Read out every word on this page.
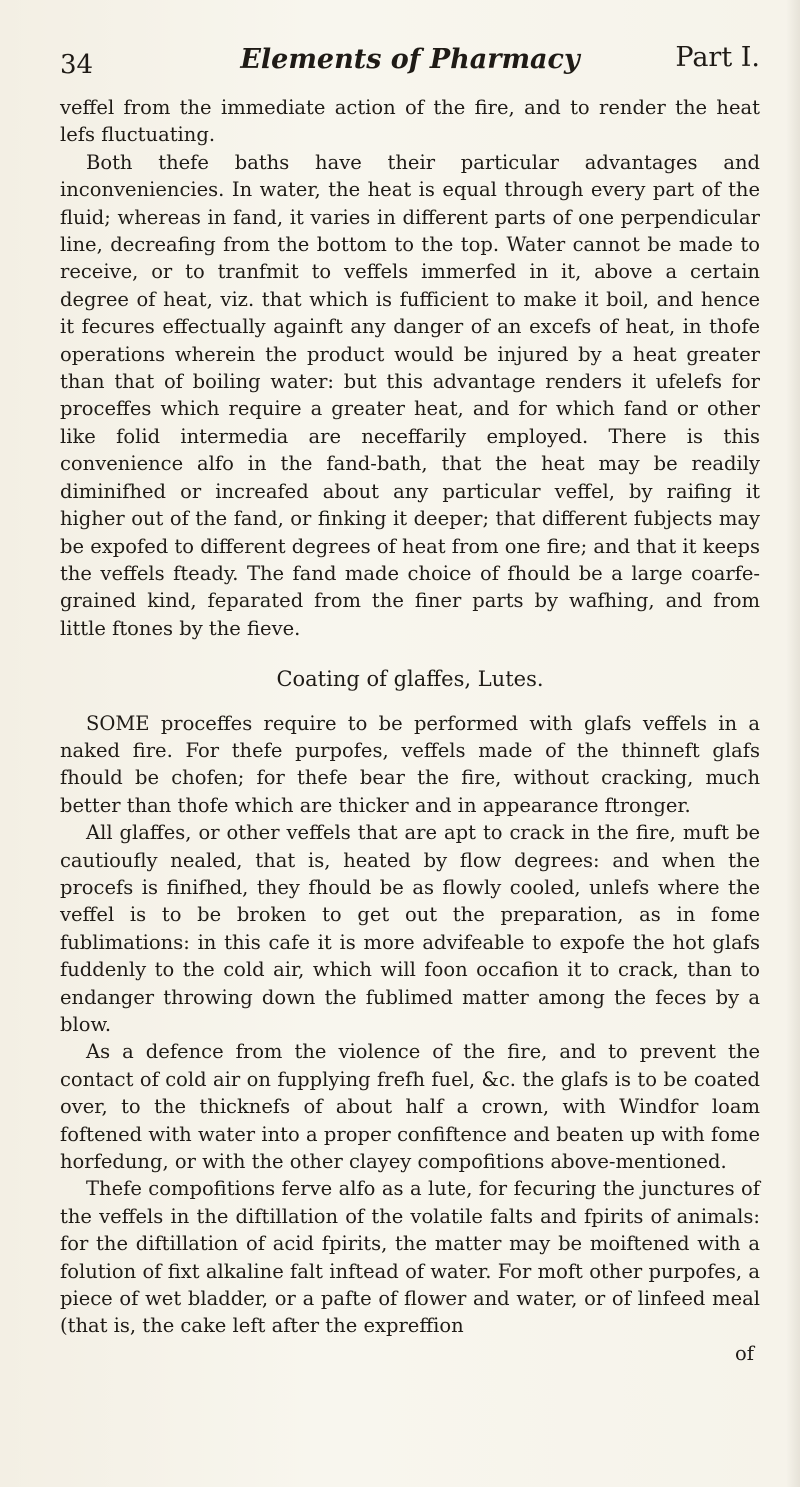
34	Elements of Pharmacy	Part I.

veffel from the immediate action of the fire, and to render the heat lefs fluctuating.

Both thefe baths have their particular advantages and inconveniencies. In water, the heat is equal through every part of the fluid; whereas in fand, it varies in different parts of one perpendicular line, decreafing from the bottom to the top. Water cannot be made to receive, or to tranfmit to veffels immerfed in it, above a certain degree of heat, viz. that which is fufficient to make it boil, and hence it fecures effectually againft any danger of an excefs of heat, in thofe operations wherein the product would be injured by a heat greater than that of boiling water: but this advantage renders it ufelefs for proceffes which require a greater heat, and for which fand or other like folid intermedia are neceffarily employed. There is this convenience alfo in the fand-bath, that the heat may be readily diminifhed or increafed about any particular veffel, by raifing it higher out of the fand, or finking it deeper; that different fubjects may be expofed to different degrees of heat from one fire; and that it keeps the veffels fteady. The fand made choice of fhould be a large coarfe-grained kind, feparated from the finer parts by wafhing, and from little ftones by the fieve.

Coating of glaffes, Lutes.

SOME proceffes require to be performed with glafs veffels in a naked fire. For thefe purpofes, veffels made of the thinneft glafs fhould be chofen; for thefe bear the fire, without cracking, much better than thofe which are thicker and in appearance ftronger.

All glaffes, or other veffels that are apt to crack in the fire, muft be cautioufly nealed, that is, heated by flow degrees: and when the procefs is finifhed, they fhould be as flowly cooled, unlefs where the veffel is to be broken to get out the preparation, as in fome fublimations: in this cafe it is more advifeable to expofe the hot glafs fuddenly to the cold air, which will foon occafion it to crack, than to endanger throwing down the fublimed matter among the feces by a blow.

As a defence from the violence of the fire, and to prevent the contact of cold air on fupplying frefh fuel, &c. the glafs is to be coated over, to the thicknefs of about half a crown, with Windfor loam foftened with water into a proper confiftence and beaten up with fome horfedung, or with the other clayey compofitions above-mentioned.

Thefe compofitions ferve alfo as a lute, for fecuring the junctures of the veffels in the diftillation of the volatile falts and fpirits of animals: for the diftillation of acid fpirits, the matter may be moiftened with a folution of fixt alkaline falt inftead of water. For moft other purpofes, a piece of wet bladder, or a pafte of flower and water, or of linfeed meal (that is, the cake left after the expreffion

of
